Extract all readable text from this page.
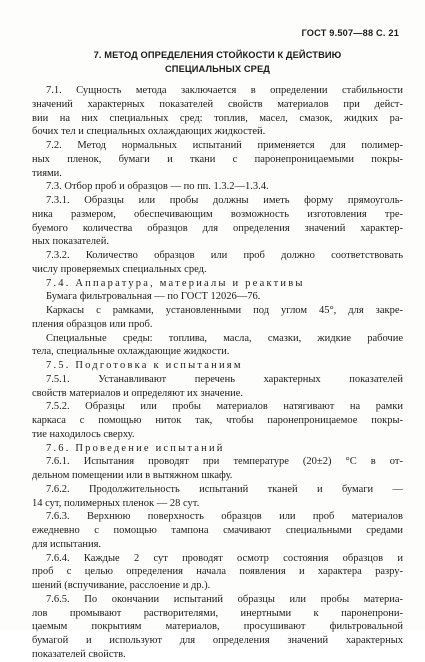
ГОСТ 9.507—88 С. 21
7. МЕТОД ОПРЕДЕЛЕНИЯ СТОЙКОСТИ К ДЕЙСТВИЮ
СПЕЦИАЛЬНЫХ СРЕД
7.1. Сущность метода заключается в определении стабильности
значений характерных показателей свойств материалов при дейст-
вии на них специальных сред: топлив, масел, смазок, жидких ра-
бочих тел и специальных охлаждающих жидкостей.
7.2. Метод нормальных испытаний применяется для полимер-
ных пленок, бумаги и ткани с паронепроницаемыми покры-
тиями.
7.3. Отбор проб и образцов — по пп. 1.3.2—1.3.4.
7.3.1. Образцы или пробы должны иметь форму прямоуголь-
ника размером, обеспечивающим возможность изготовления тре-
буемого количества образцов для определения значений характер-
ных показателей.
7.3.2. Количество образцов или проб должно соответствовать
числу проверяемых специальных сред.
7.4. Аппаратура, материалы и реактивы
Бумага фильтровальная — по ГОСТ 12026—76.
Каркасы с рамками, установленными под углом 45°, для закре-
пления образцов или проб.
Специальные среды: топлива, масла, смазки, жидкие рабочие
тела, специальные охлаждающие жидкости.
7.5. Подготовка к испытаниям
7.5.1. Устанавливают перечень характерных показателей
свойств материалов и определяют их значение.
7.5.2. Образцы или пробы материалов натягивают на рамки
каркаса с помощью ниток так, чтобы паронепроницаемое покры-
тие находилось сверху.
7.6. Проведение испытаний
7.6.1. Испытания проводят при температуре (20±2) °С в от-
дельном помещении или в вытяжном шкафу.
7.6.2. Продолжительность испытаний тканей и бумаги —
14 сут, полимерных пленок — 28 сут.
7.6.3. Верхнюю поверхность образцов или проб материалов
ежедневно с помощью тампона смачивают специальными средами
для испытания.
7.6.4. Каждые 2 сут проводят осмотр состояния образцов и
проб с целью определения начала появления и характера разру-
шений (вспучивание, расслоение и др.).
7.6.5. По окончании испытаний образцы или пробы материа-
лов промывают растворителями, инертными к паронепрони-
цаемым покрытиям материалов, просушивают фильтровальной
бумагой и используют для определения значений характерных
показателей свойств.
